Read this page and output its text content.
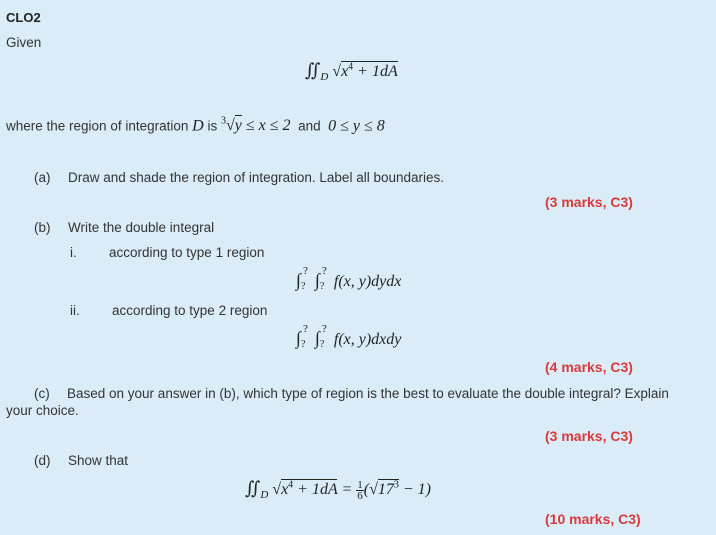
CLO2
Given
$∬_D$ $√x^4 + 1dA$
where the region of integration D is $^3$√y ≤ x ≤ 2 and 0 ≤ y ≤ 8
(a) Draw and shade the region of integration. Label all boundaries.
(3 marks, C3)
(b) Write the double integral
i. according to type 1 region
∫ ?
? ∫ ?
? f(x, y)dydx
ii. according to type 2 region
∫ ?
? ∫ ?
? f(x, y)dxdy
(4 marks, C3)
(c) Based on your answer in (b), which type of region is the best to evaluate the double integral? Explain
your choice.
(3 marks, C3)
(d) Show that
$∬_D$ $√x^4 + 1dA = \frac{1}{6} (√17^3 - 1)$
(10 marks, C3)
